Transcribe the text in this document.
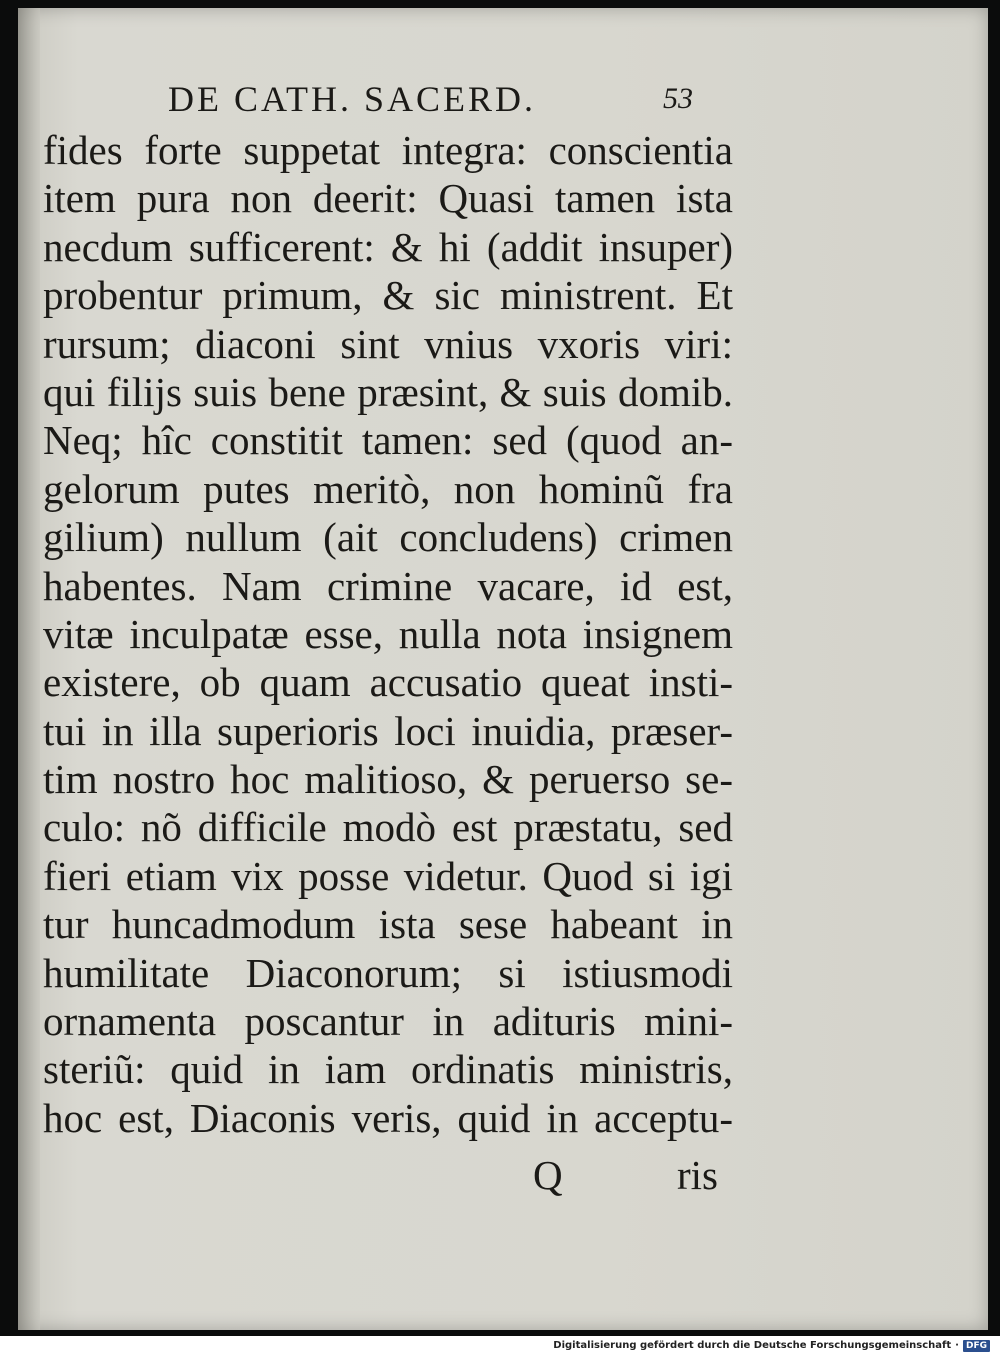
DE CATH. SACERD.	53
fides forte suppetat integra: conscientia
item pura non deerit: Quasi tamen ista
necdum sufficerent: & hi (addit insuper)
probentur primum, & sic ministrent. Et
rursum; diaconi sint vnius vxoris viri:
qui filijs suis bene præsint, & suis domib.
Neq; hîc constitit tamen: sed (quod an-
gelorum putes meritò, non hominũ fra
gilium) nullum (ait concludens) crimen
habentes. Nam crimine vacare, id est,
vitæ inculpatæ esse, nulla nota insignem
existere, ob quam accusatio queat insti-
tui in illa superioris loci inuidia, præser-
tim nostro hoc malitioso, & peruerso se-
culo: nõ difficile modò est præstatu, sed
fieri etiam vix posse videtur. Quod si igi
tur huncadmodum ista sese habeant in
humilitate Diaconorum; si istiusmodi
ornamenta poscantur in adituris mini-
steriũ: quid in iam ordinatis ministris,
hoc est, Diaconis veris, quid in acceptu-
Q	ris
Digitalisierung gefördert durch die Deutsche Forschungsgemeinschaft · DFG
